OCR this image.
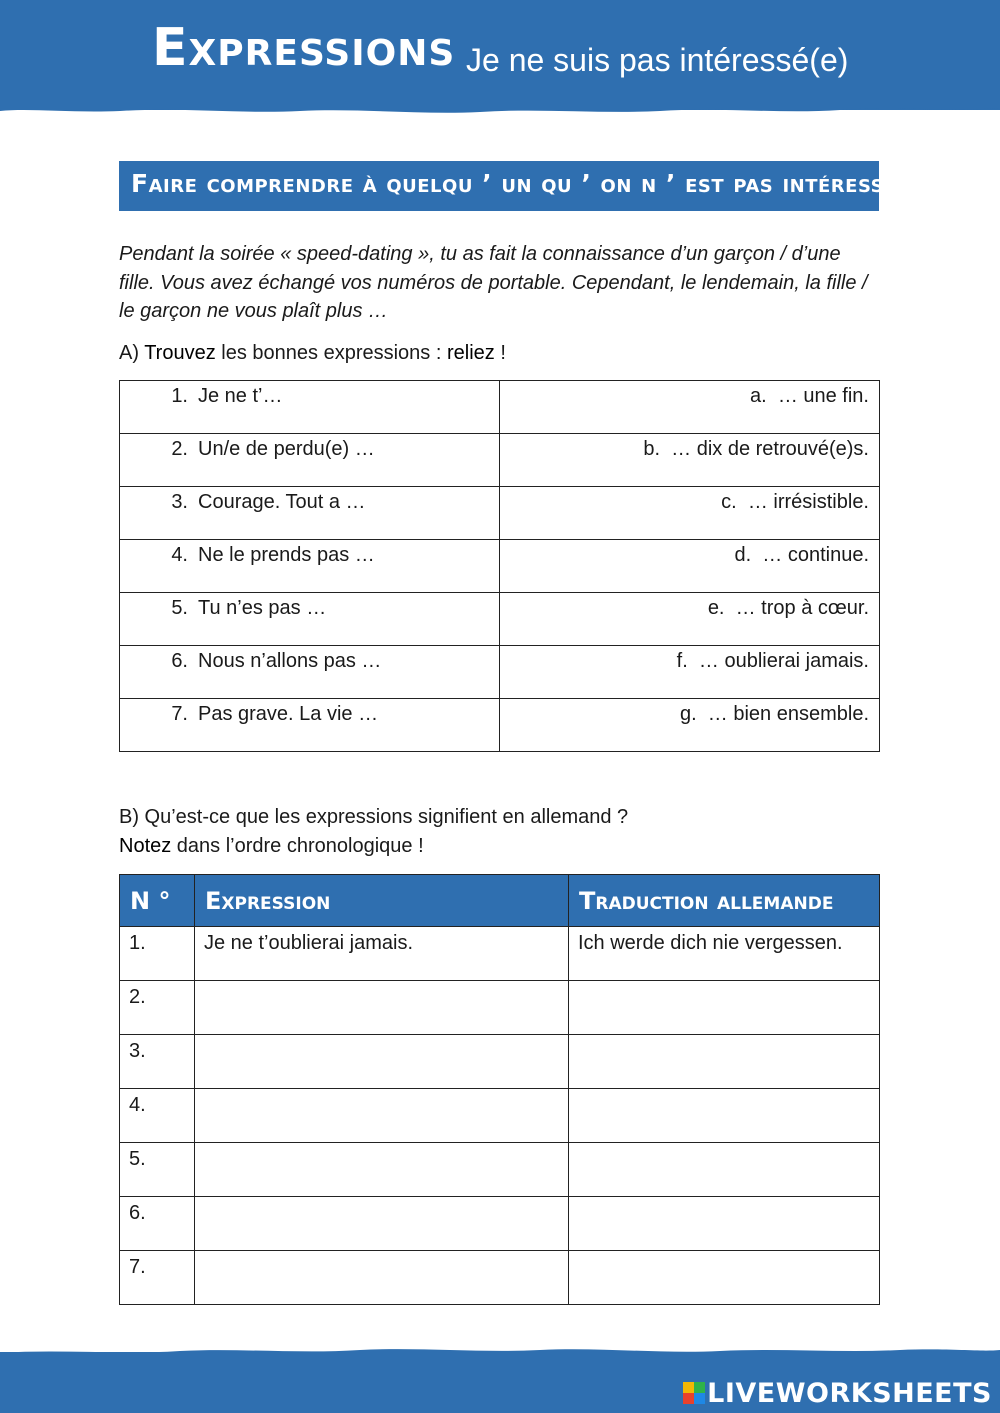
Expressions Je ne suis pas intéressé(e)
Faire comprendre à quelqu ’ un qu ’ on n ’ est pas intéressé( e)
Pendant la soirée « speed-dating », tu as fait la connaissance d’un garçon / d’une fille. Vous avez échangé vos numéros de portable. Cependant, le lendemain, la fille / le garçon ne vous plaît plus …
A) Trouvez les bonnes expressions : reliez !
1. Je ne t’…	a. … une fin.
2. Un/e de perdu(e) …	b. … dix de retrouvé(e)s.
3. Courage. Tout a …	c. … irrésistible.
4. Ne le prends pas …	d. … continue.
5. Tu n’es pas …	e. … trop à cœur.
6. Nous n’allons pas …	f. … oublierai jamais.
7. Pas grave. La vie …	g. … bien ensemble.
B) Qu’est-ce que les expressions signifient en allemand ?
Notez dans l’ordre chronologique !
N °	Expression	Traduction allemande
1.	Je ne t’oublierai jamais.	Ich werde dich nie vergessen.
2.		
3.		
4.		
5.		
6.		
7.		
LIVEWORKSHEETS
